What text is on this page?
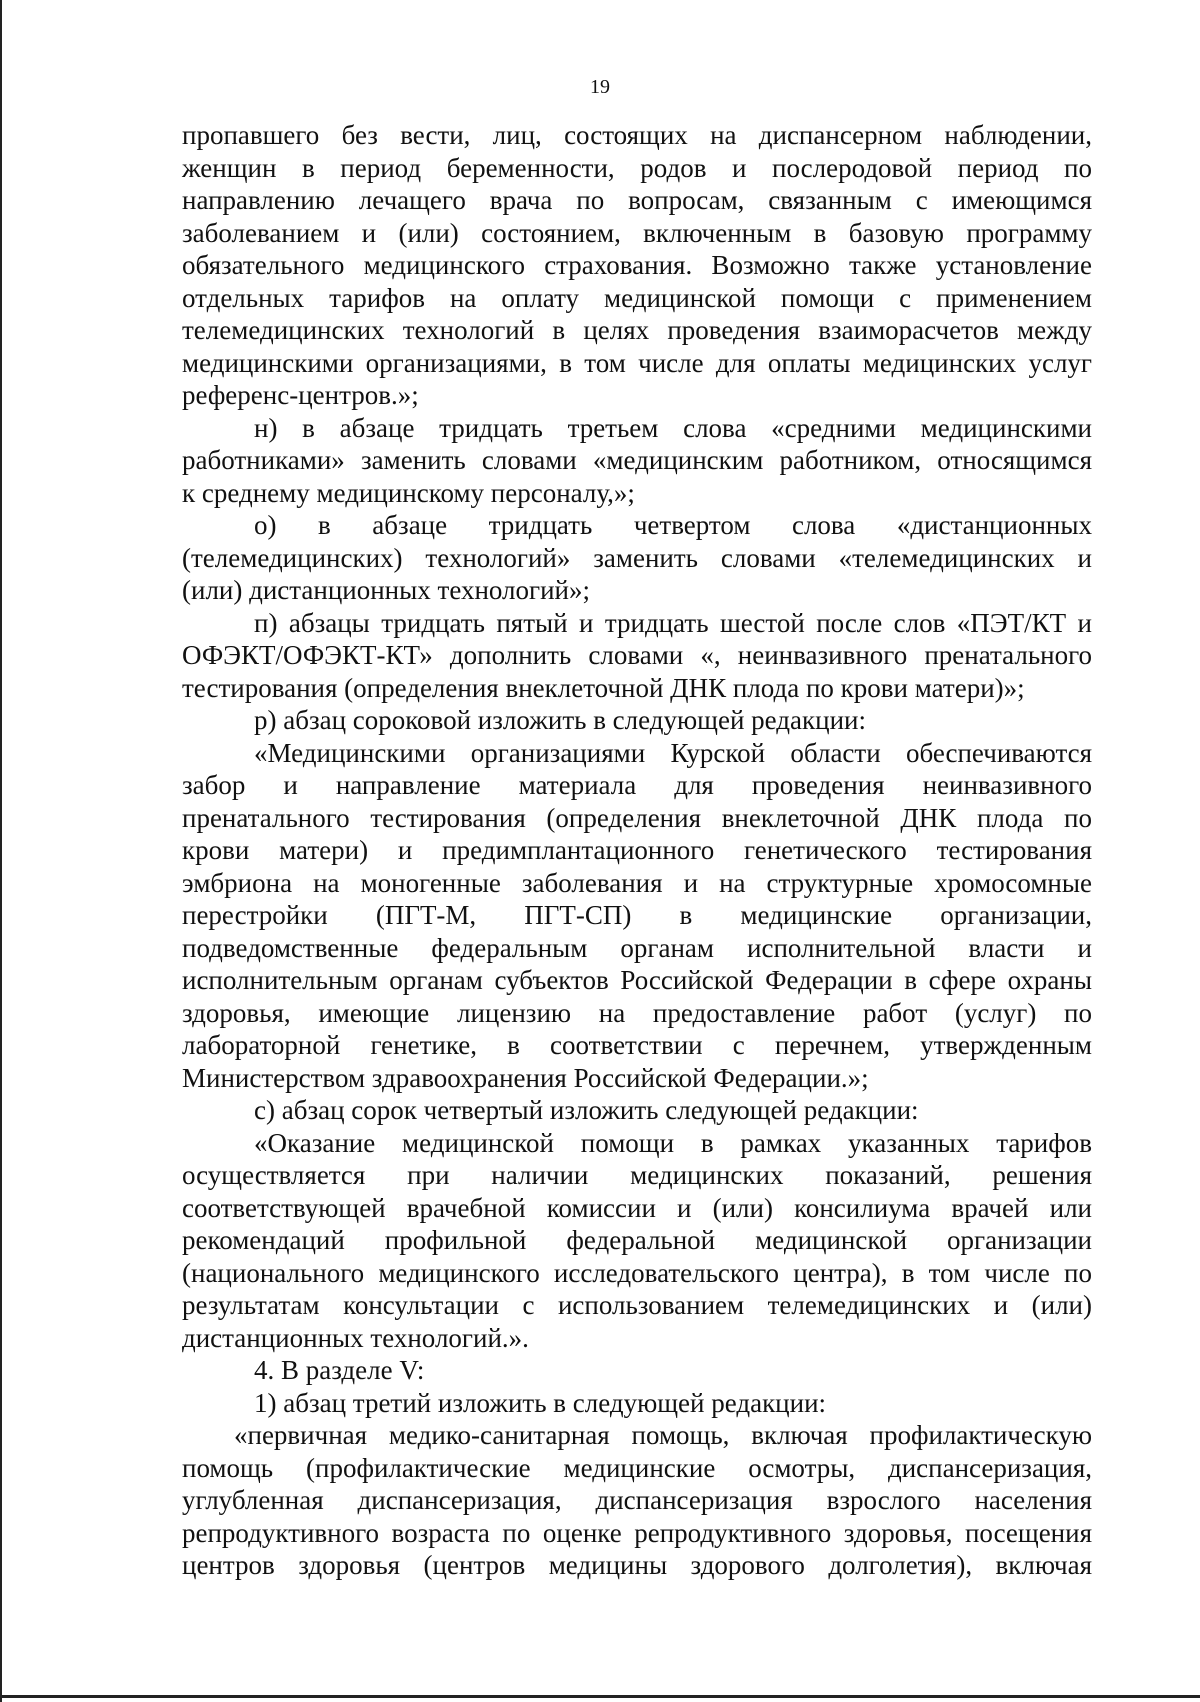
19
пропавшего без вести, лиц, состоящих на диспансерном наблюдении,
женщин в период беременности, родов и послеродовой период по
направлению лечащего врача по вопросам, связанным с имеющимся
заболеванием и (или) состоянием, включенным в базовую программу
обязательного медицинского страхования. Возможно также установление
отдельных тарифов на оплату медицинской помощи с применением
телемедицинских технологий в целях проведения взаиморасчетов между
медицинскими организациями, в том числе для оплаты медицинских услуг
референс-центров.»;
н) в абзаце тридцать третьем слова «средними медицинскими
работниками» заменить словами «медицинским работником, относящимся
к среднему медицинскому персоналу,»;
о) в абзаце тридцать четвертом слова «дистанционных
(телемедицинских) технологий» заменить словами «телемедицинских и
(или) дистанционных технологий»;
п) абзацы тридцать пятый и тридцать шестой после слов «ПЭТ/КТ и
ОФЭКТ/ОФЭКТ-КТ» дополнить словами «, неинвазивного пренатального
тестирования (определения внеклеточной ДНК плода по крови матери)»;
р) абзац сороковой изложить в следующей редакции:
«Медицинскими организациями Курской области обеспечиваются
забор и направление материала для проведения неинвазивного
пренатального тестирования (определения внеклеточной ДНК плода по
крови матери) и предимплантационного генетического тестирования
эмбриона на моногенные заболевания и на структурные хромосомные
перестройки (ПГТ-М, ПГТ-СП) в медицинские организации,
подведомственные федеральным органам исполнительной власти и
исполнительным органам субъектов Российской Федерации в сфере охраны
здоровья, имеющие лицензию на предоставление работ (услуг) по
лабораторной генетике, в соответствии с перечнем, утвержденным
Министерством здравоохранения Российской Федерации.»;
с) абзац сорок четвертый изложить следующей редакции:
«Оказание медицинской помощи в рамках указанных тарифов
осуществляется при наличии медицинских показаний, решения
соответствующей врачебной комиссии и (или) консилиума врачей или
рекомендаций профильной федеральной медицинской организации
(национального медицинского исследовательского центра), в том числе по
результатам консультации с использованием телемедицинских и (или)
дистанционных технологий.».
4. В разделе V:
1) абзац третий изложить в следующей редакции:
«первичная медико-санитарная помощь, включая профилактическую
помощь (профилактические медицинские осмотры, диспансеризация,
углубленная диспансеризация, диспансеризация взрослого населения
репродуктивного возраста по оценке репродуктивного здоровья, посещения
центров здоровья (центров медицины здорового долголетия), включая
